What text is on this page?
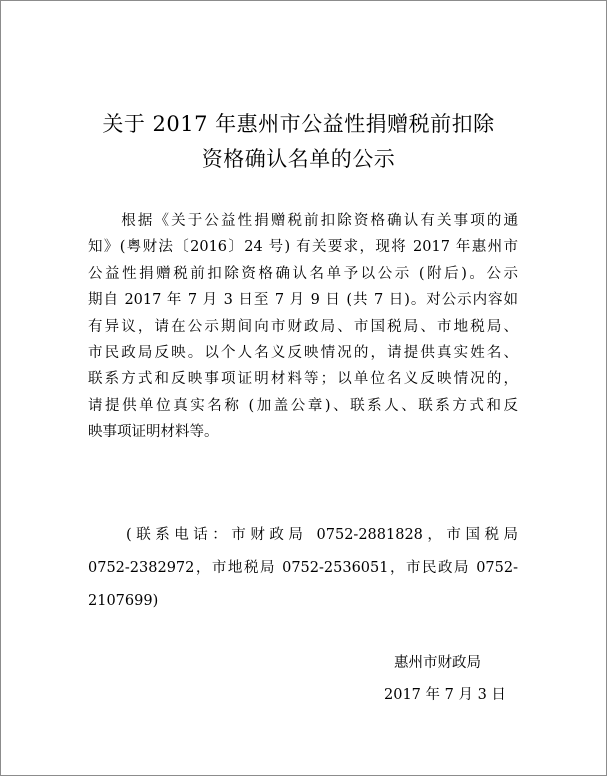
关于 2017 年惠州市公益性捐赠税前扣除
资格确认名单的公示
　　根据《关于公益性捐赠税前扣除资格确认有关事项的通
知》(粤财法〔2016〕24 号) 有关要求，现将 2017 年惠州市
公益性捐赠税前扣除资格确认名单予以公示 (附后)。公示
期自 2017 年 7 月 3 日至 7 月 9 日 (共 7 日)。对公示内容如
有异议，请在公示期间向市财政局、市国税局、市地税局、
市民政局反映。以个人名义反映情况的，请提供真实姓名、
联系方式和反映事项证明材料等；以单位名义反映情况的，
请提供单位真实名称 (加盖公章)、联系人、联系方式和反
映事项证明材料等。
　　(联系电话：市财政局 0752-2881828，市国税局
0752-2382972，市地税局 0752-2536051，市民政局 0752-
2107699)
惠州市财政局
2017 年 7 月 3 日
